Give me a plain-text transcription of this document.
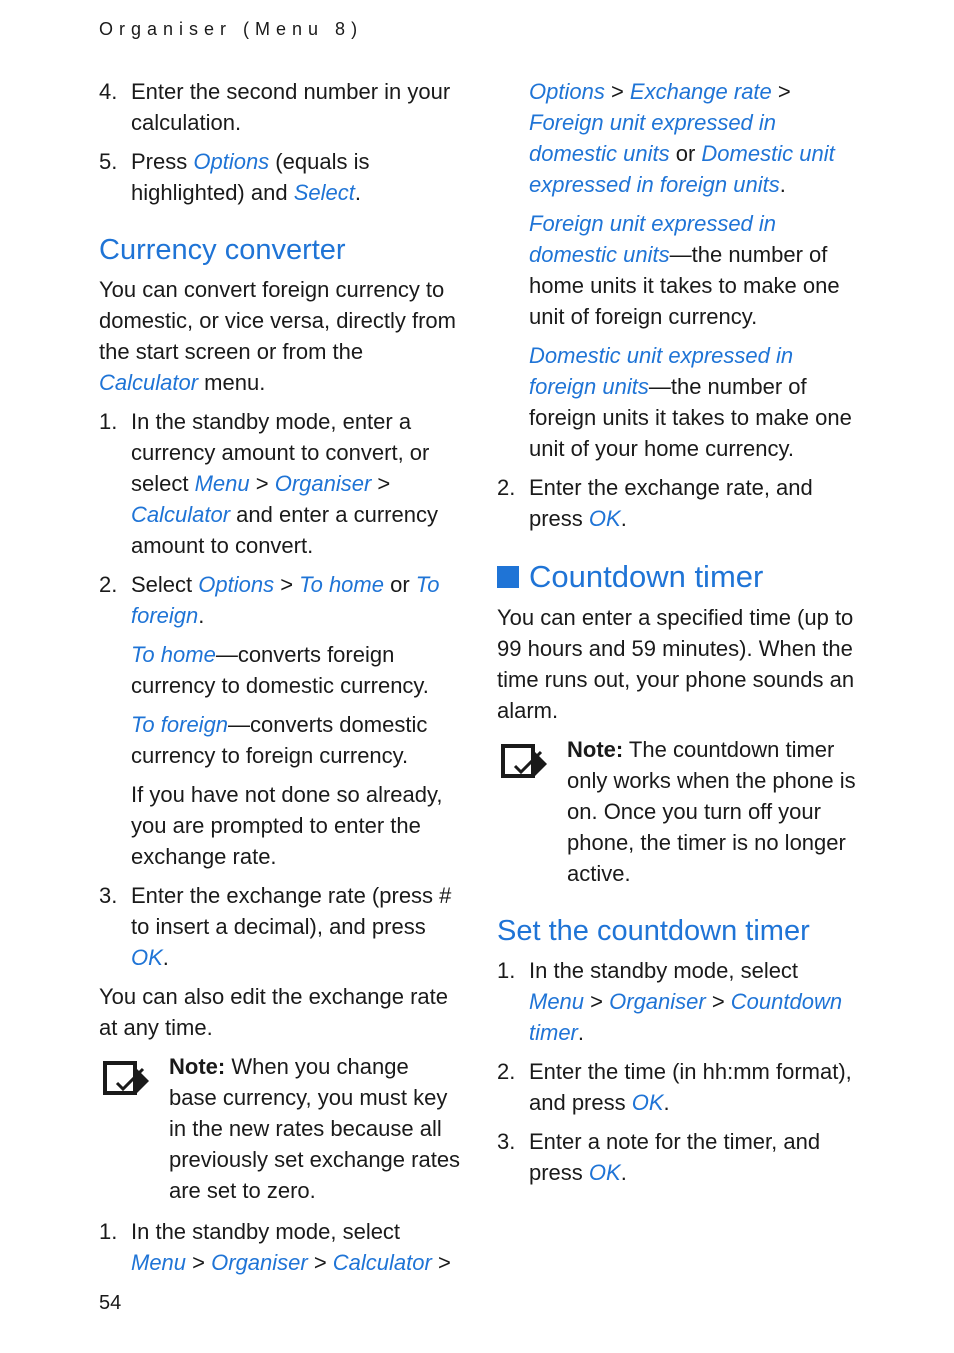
Organiser (Menu 8)
4. Enter the second number in your calculation.
5. Press Options (equals is highlighted) and Select.
Currency converter

You can convert foreign currency to domestic, or vice versa, directly from the start screen or from the Calculator menu.

1. In the standby mode, enter a currency amount to convert, or select Menu > Organiser > Calculator and enter a currency amount to convert.
2. Select Options > To home or To foreign.
To home—converts foreign currency to domestic currency.
To foreign—converts domestic currency to foreign currency.
If you have not done so already, you are prompted to enter the exchange rate.
3. Enter the exchange rate (press # to insert a decimal), and press OK.

You can also edit the exchange rate at any time.

Note: When you change base currency, you must key in the new rates because all previously set exchange rates are set to zero.
1. In the standby mode, select Menu > Organiser > Calculator >
Options > Exchange rate > Foreign unit expressed in domestic units or Domestic unit expressed in foreign units.
Foreign unit expressed in domestic units—the number of home units it takes to make one unit of foreign currency.
Domestic unit expressed in foreign units—the number of foreign units it takes to make one unit of your home currency.
2. Enter the exchange rate, and press OK.
Countdown timer

You can enter a specified time (up to 99 hours and 59 minutes). When the time runs out, your phone sounds an alarm.

Note: The countdown timer only works when the phone is on. Once you turn off your phone, the timer is no longer active.
Set the countdown timer
1. In the standby mode, select Menu > Organiser > Countdown timer.
2. Enter the time (in hh:mm format), and press OK.
3. Enter a note for the timer, and press OK.
54
